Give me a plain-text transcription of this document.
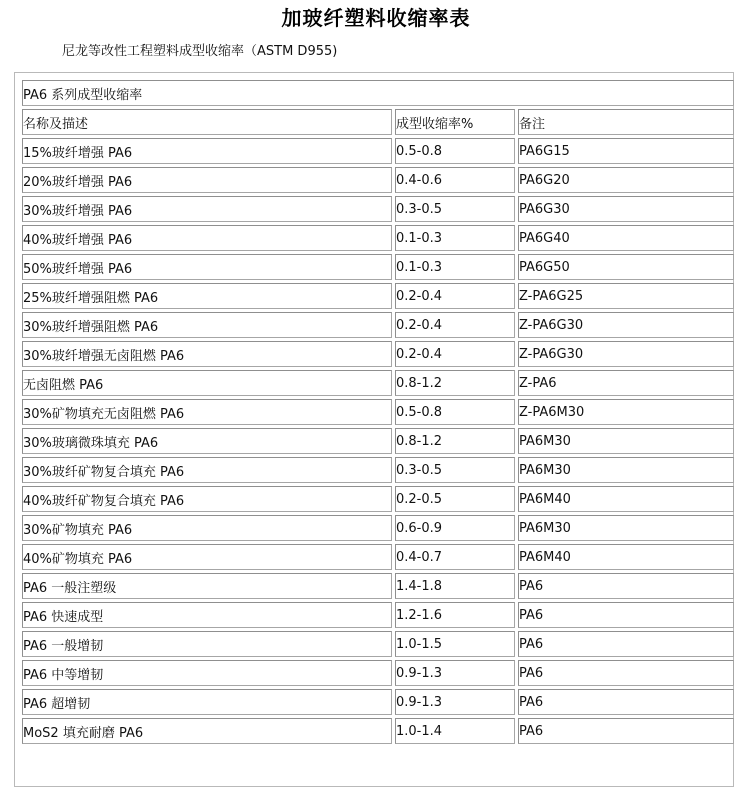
加玻纤塑料收缩率表
尼龙等改性工程塑料成型收缩率（ASTM D955)
PA6 系列成型收缩率		
名称及描述	成型收缩率%	备注
15%玻纤增强 PA6	0.5-0.8	PA6G15
20%玻纤增强 PA6	0.4-0.6	PA6G20
30%玻纤增强 PA6	0.3-0.5	PA6G30
40%玻纤增强 PA6	0.1-0.3	PA6G40
50%玻纤增强 PA6	0.1-0.3	PA6G50
25%玻纤增强阻燃 PA6	0.2-0.4	Z-PA6G25
30%玻纤增强阻燃 PA6	0.2-0.4	Z-PA6G30
30%玻纤增强无卤阻燃 PA6	0.2-0.4	Z-PA6G30
无卤阻燃 PA6	0.8-1.2	Z-PA6
30%矿物填充无卤阻燃 PA6	0.5-0.8	Z-PA6M30
30%玻璃微珠填充 PA6	0.8-1.2	PA6M30
30%玻纤矿物复合填充 PA6	0.3-0.5	PA6M30
40%玻纤矿物复合填充 PA6	0.2-0.5	PA6M40
30%矿物填充 PA6	0.6-0.9	PA6M30
40%矿物填充 PA6	0.4-0.7	PA6M40
PA6 一般注塑级	1.4-1.8	PA6
PA6 快速成型	1.2-1.6	PA6
PA6 一般增韧	1.0-1.5	PA6
PA6 中等增韧	0.9-1.3	PA6
PA6 超增韧	0.9-1.3	PA6
MoS2 填充耐磨 PA6	1.0-1.4	PA6
